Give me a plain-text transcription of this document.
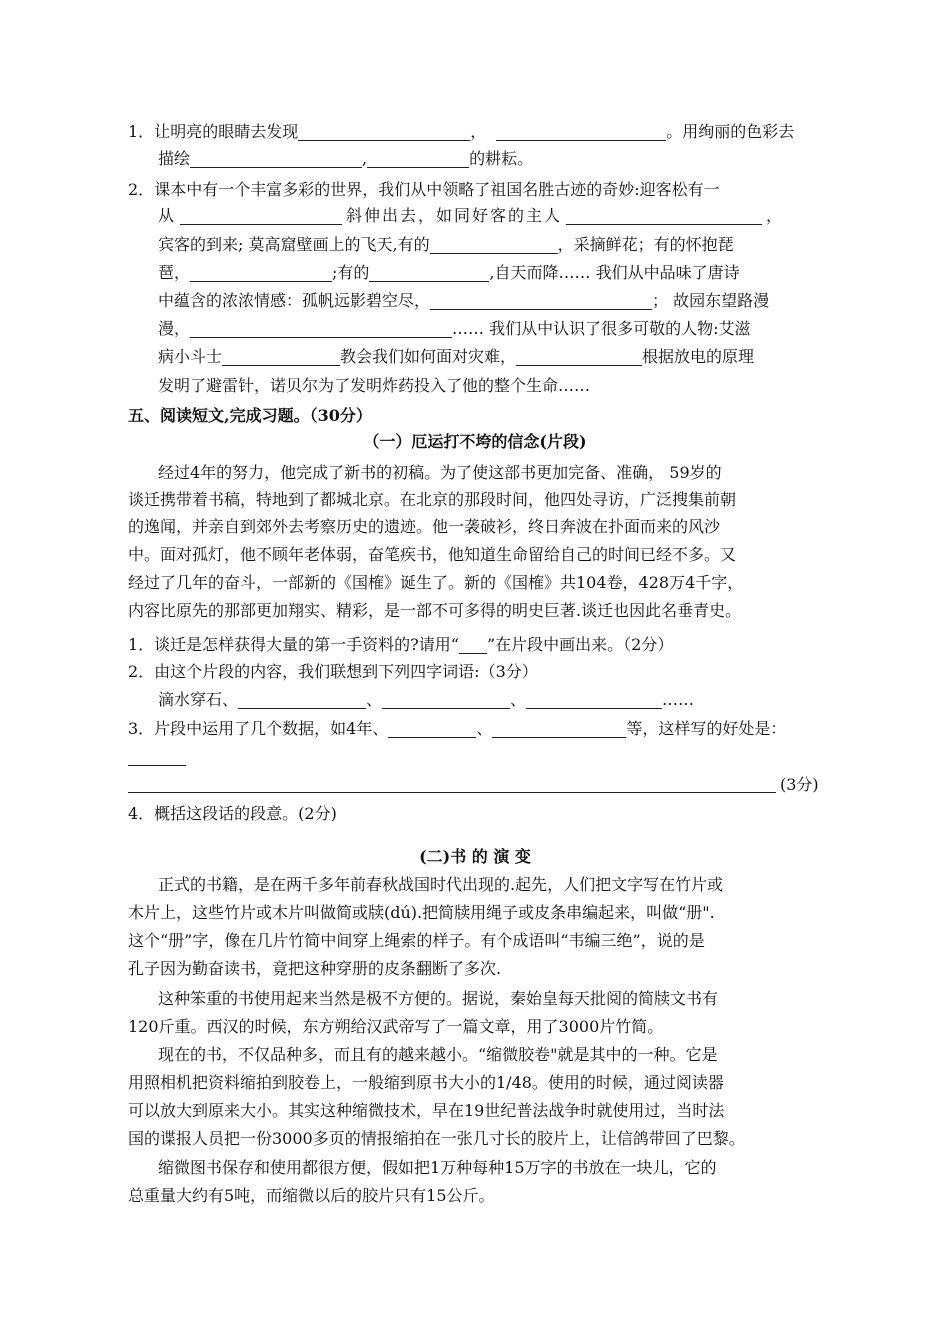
1．让明亮的眼睛去发现	，	。用绚丽的色彩去
描绘	,	的耕耘。
2．课本中有一个丰富多彩的世界，我们从中领略了祖国名胜古迹的奇妙:迎客松有一
从	斜伸出去，如同好客的主人	，
宾客的到来; 莫高窟壁画上的飞天,有的	，采摘鲜花；有的怀抱琵
琶，	;有的	,自天而降…… 我们从中品味了唐诗
中蕴含的浓浓情感：孤帆远影碧空尽，	； 故园东望路漫
漫，	…… 我们从中认识了很多可敬的人物:艾滋
病小斗士	教会我们如何面对灾难，	根据放电的原理
发明了避雷针，诺贝尔为了发明炸药投入了他的整个生命……
五、阅读短文,完成习题。（30分）
（一）厄运打不垮的信念(片段)
经过4年的努力，他完成了新书的初稿。为了使这部书更加完备、准确， 59岁的
谈迁携带着书稿，特地到了都城北京。在北京的那段时间，他四处寻访，广泛搜集前朝
的逸闻，并亲自到郊外去考察历史的遗迹。他一袭破衫，终日奔波在扑面而来的风沙
中。面对孤灯，他不顾年老体弱，奋笔疾书，他知道生命留给自己的时间已经不多。又
经过了几年的奋斗，一部新的《国榷》诞生了。新的《国榷》共104卷，428万4千字，
内容比原先的那部更加翔实、精彩，是一部不可多得的明史巨著.谈迁也因此名垂青史。
1．谈迁是怎样获得大量的第一手资料的?请用“ ”在片段中画出来。（2分）
2．由这个片段的内容，我们联想到下列四字词语:（3分）
滴水穿石、	、	、	……
3．片段中运用了几个数据，如4年、	、	等，这样写的好处是：
(3分)
4．概括这段话的段意。(2分)
(二)书 的 演 变
正式的书籍，是在两千多年前春秋战国时代出现的.起先，人们把文字写在竹片或
木片上，这些竹片或木片叫做简或牍(dú).把简牍用绳子或皮条串编起来，叫做“册".
这个“册”字，像在几片竹简中间穿上绳索的样子。有个成语叫“韦编三绝”，说的是
孔子因为勤奋读书，竟把这种穿册的皮条翻断了多次.
这种笨重的书使用起来当然是极不方便的。据说，秦始皇每天批阅的简牍文书有
120斤重。西汉的时候，东方朔给汉武帝写了一篇文章，用了3000片竹简。
现在的书，不仅品种多，而且有的越来越小。“缩微胶卷"就是其中的一种。它是
用照相机把资料缩拍到胶卷上，一般缩到原书大小的1/48。使用的时候，通过阅读器
可以放大到原来大小。其实这种缩微技术，早在19世纪普法战争时就使用过，当时法
国的谍报人员把一份3000多页的情报缩拍在一张几寸长的胶片上，让信鸽带回了巴黎。
缩微图书保存和使用都很方便，假如把1万种每种15万字的书放在一块儿，它的
总重量大约有5吨，而缩微以后的胶片只有15公斤。
